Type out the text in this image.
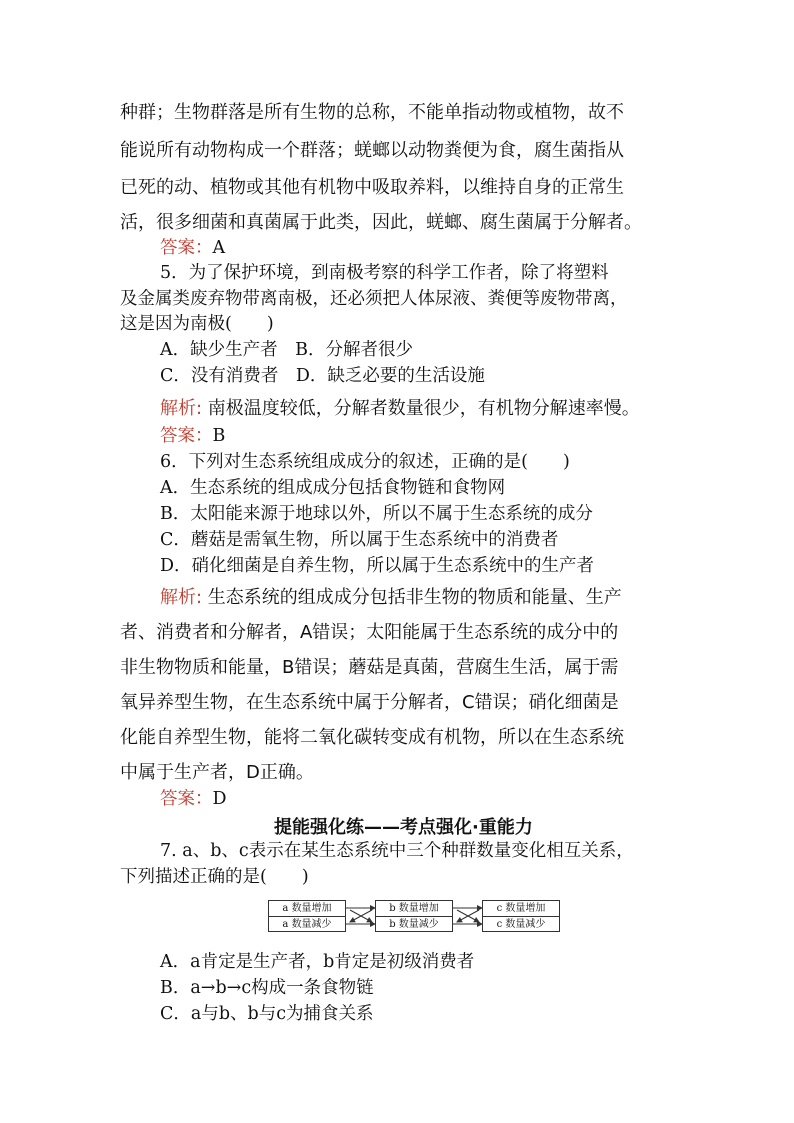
种群；生物群落是所有生物的总称，不能单指动物或植物，故不
能说所有动物构成一个群落；蜣螂以动物粪便为食，腐生菌指从
已死的动、植物或其他有机物中吸取养料，以维持自身的正常生
活，很多细菌和真菌属于此类，因此，蜣螂、腐生菌属于分解者。
答案：A
5．为了保护环境，到南极考察的科学工作者，除了将塑料
及金属类废弃物带离南极，还必须把人体尿液、粪便等废物带离，
这是因为南极(　　)
A．缺少生产者　B．分解者很少
C．没有消费者　D．缺乏必要的生活设施
解析: 南极温度较低，分解者数量很少，有机物分解速率慢。
答案：B
6．下列对生态系统组成成分的叙述，正确的是(　　)
A．生态系统的组成成分包括食物链和食物网
B．太阳能来源于地球以外，所以不属于生态系统的成分
C．蘑菇是需氧生物，所以属于生态系统中的消费者
D．硝化细菌是自养生物，所以属于生态系统中的生产者
解析: 生态系统的组成成分包括非生物的物质和能量、生产
者、消费者和分解者，A错误；太阳能属于生态系统的成分中的
非生物物质和能量，B错误；蘑菇是真菌，营腐生生活，属于需
氧异养型生物，在生态系统中属于分解者，C错误；硝化细菌是
化能自养型生物，能将二氧化碳转变成有机物，所以在生态系统
中属于生产者，D正确。
答案：D
提能强化练——考点强化·重能力
7. a、b、c表示在某生态系统中三个种群数量变化相互关系，
下列描述正确的是(　　)
a 数量增加
a 数量减少
b 数量增加
b 数量减少
c 数量增加
c 数量减少
A．a肯定是生产者，b肯定是初级消费者
B．a→b→c构成一条食物链
C．a与b、b与c为捕食关系
